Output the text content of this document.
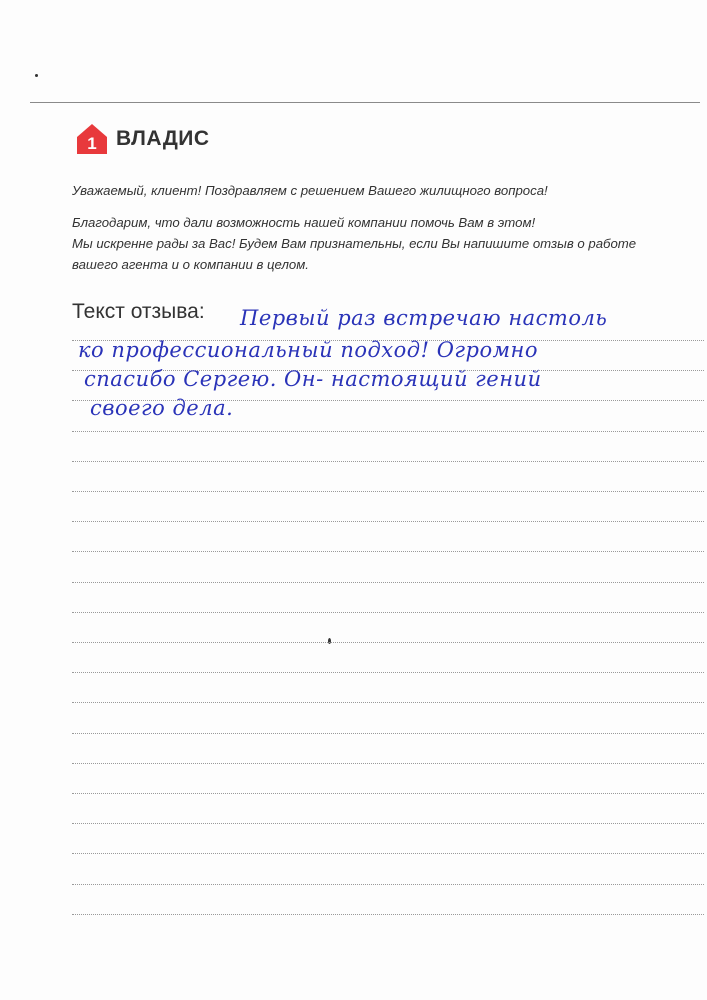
1 ВЛАДИС
Уважаемый, клиент! Поздравляем с решением Вашего жилищного вопроса!
Благодарим, что дали возможность нашей компании помочь Вам в этом!
Мы искренне рады за Вас! Будем Вам признательны, если Вы напишите отзыв о работе
вашего агента и о компании в целом.
Текст отзыва: Первый раз встречаю настоль
ко профессиональный подход! Огромно
спасибо Сергею. Он- настоящий гений
своего дела.
